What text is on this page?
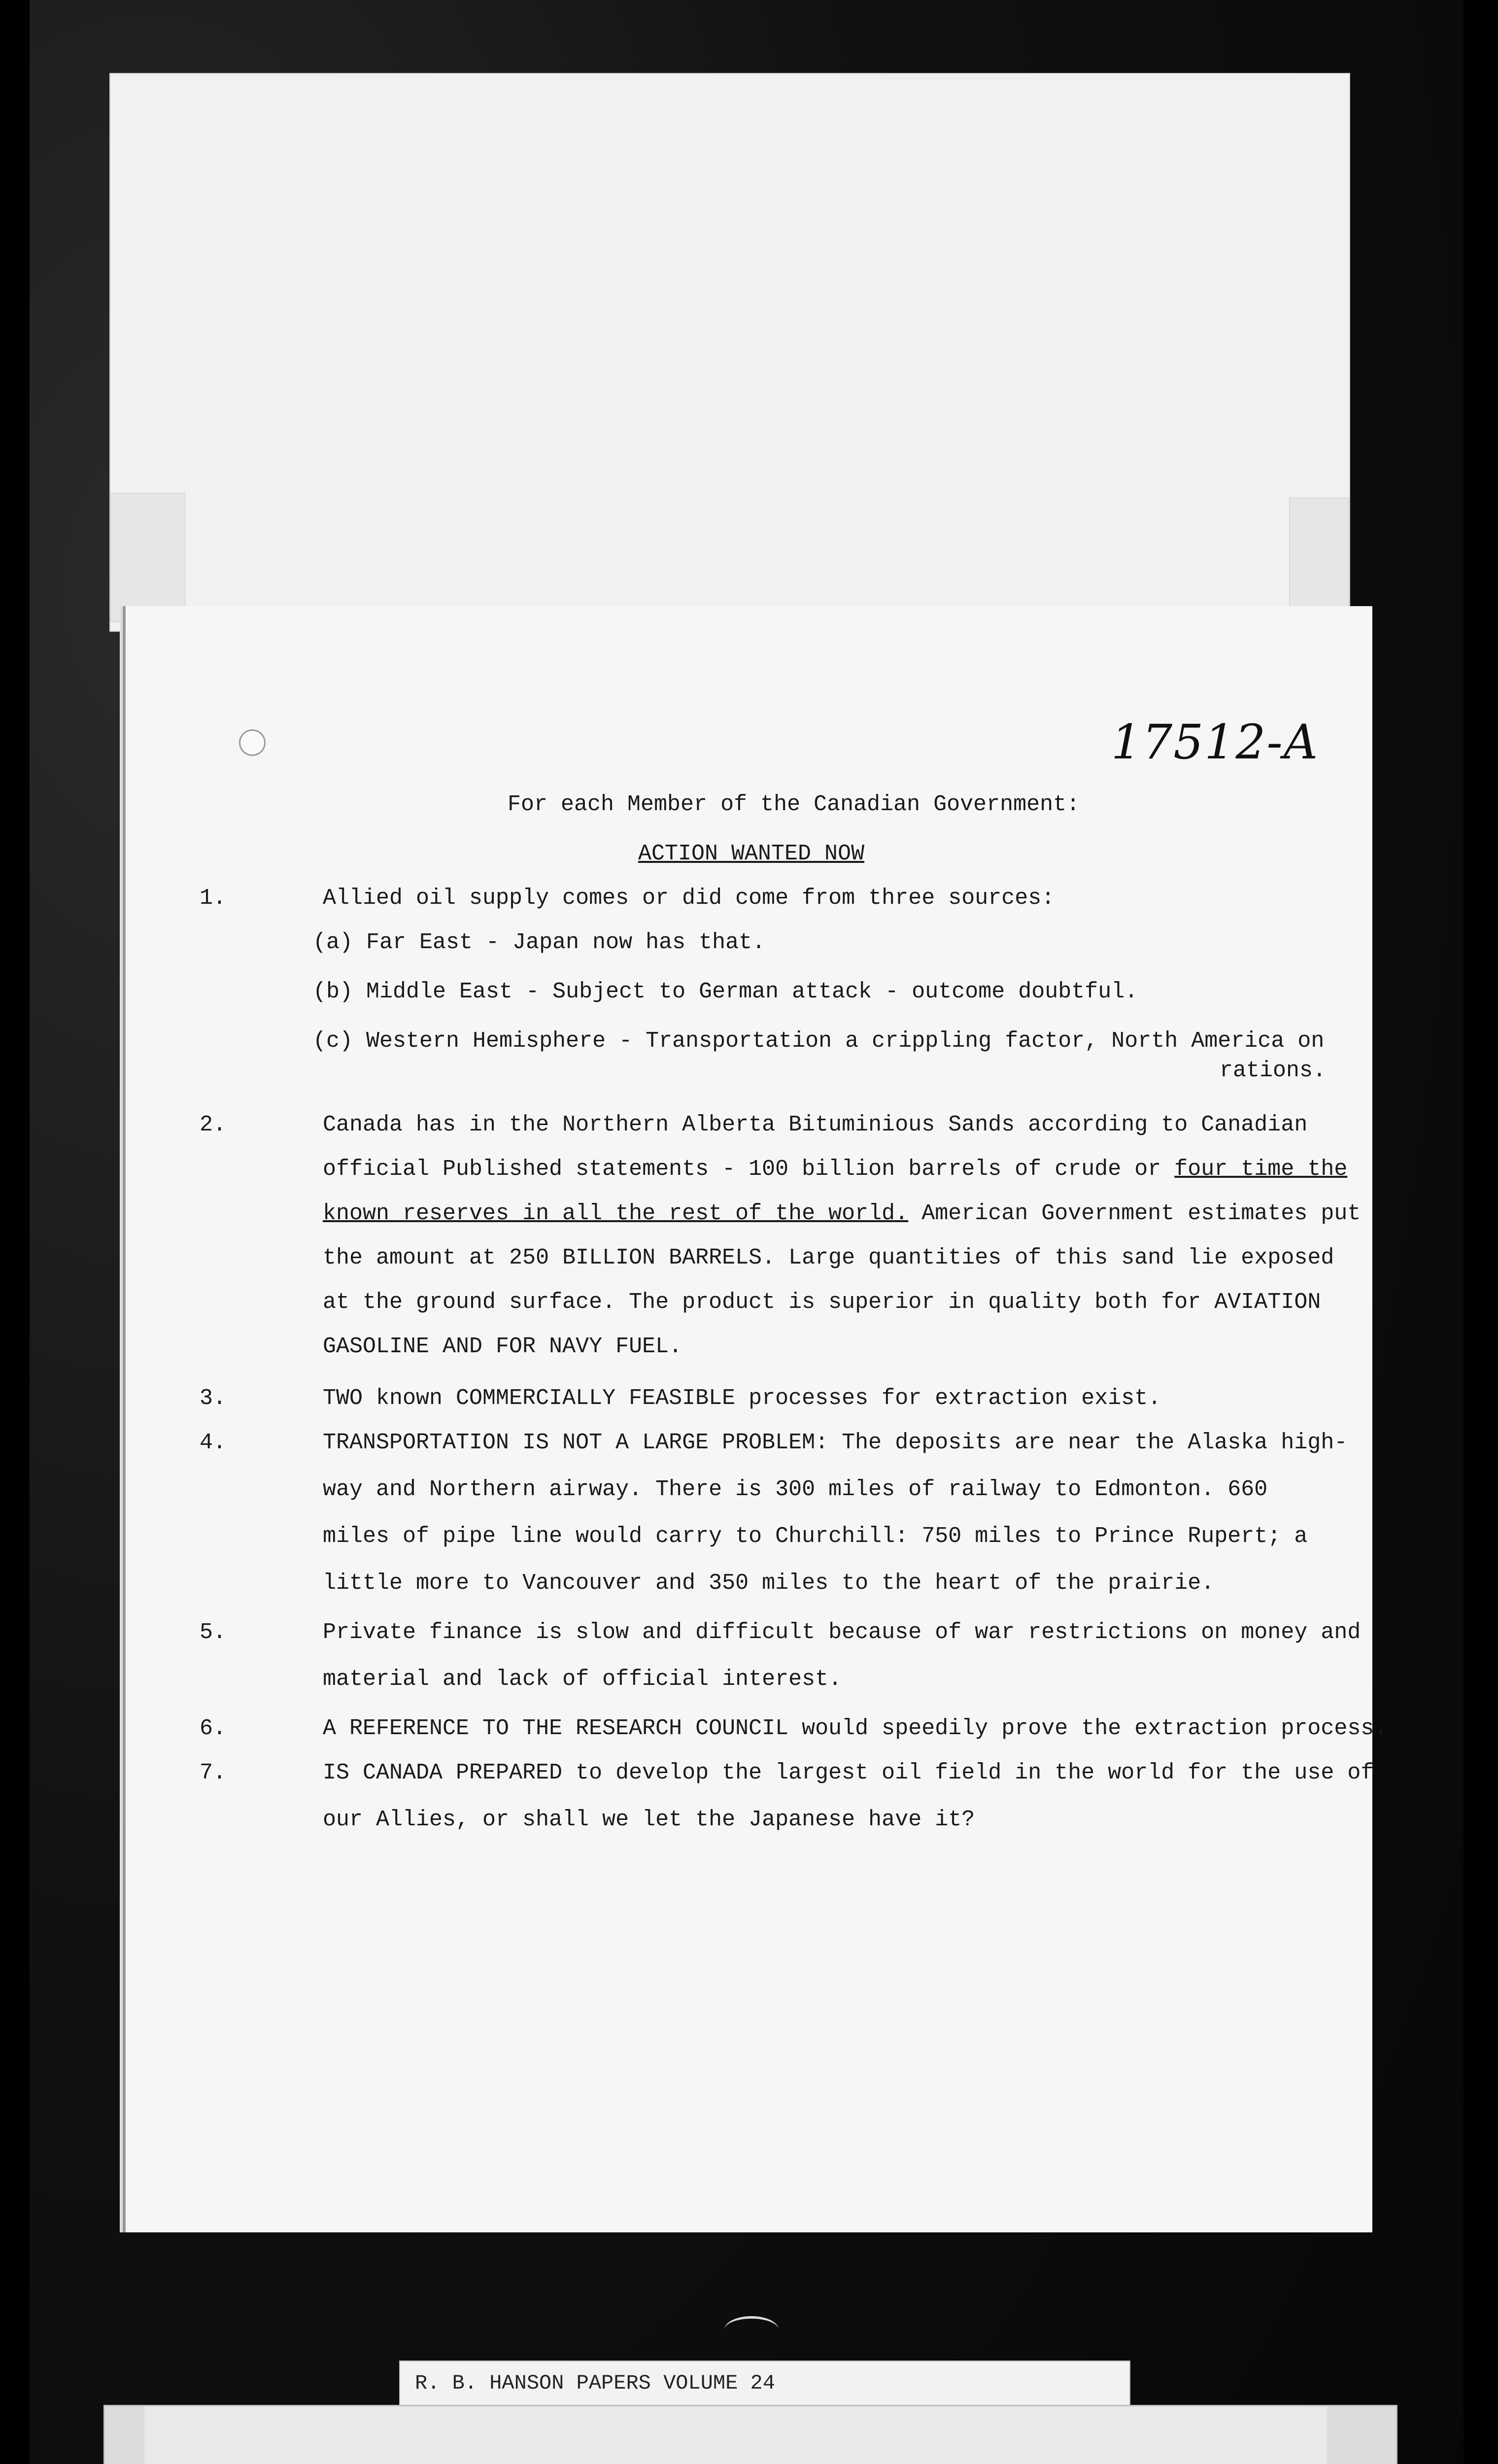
17512-A
For each Member of the Canadian Government:
ACTION WANTED NOW
1.	Allied oil supply comes or did come from three sources:
(a) Far East - Japan now has that.
(b) Middle East - Subject to German attack - outcome doubtful.
(c) Western Hemisphere - Transportation a crippling factor, North America on
rations.
2.	Canada has in the Northern Alberta Bituminious Sands according to Canadian
official Published statements - 100 billion barrels of crude or four time the
known reserves in all the rest of the world. American Government estimates put
the amount at 250 BILLION BARRELS. Large quantities of this sand lie exposed
at the ground surface. The product is superior in quality both for AVIATION
GASOLINE AND FOR NAVY FUEL.
3.	TWO known COMMERCIALLY FEASIBLE processes for extraction exist.
4.	TRANSPORTATION IS NOT A LARGE PROBLEM: The deposits are near the Alaska high-
way and Northern airway. There is 300 miles of railway to Edmonton. 660
miles of pipe line would carry to Churchill: 750 miles to Prince Rupert; a
little more to Vancouver and 350 miles to the heart of the prairie.
5.	Private finance is slow and difficult because of war restrictions on money and
material and lack of official interest.
6.	A REFERENCE TO THE RESEARCH COUNCIL would speedily prove the extraction process.
7.	IS CANADA PREPARED to develop the largest oil field in the world for the use of
our Allies, or shall we let the Japanese have it?
R. B. HANSON PAPERS VOLUME 24
